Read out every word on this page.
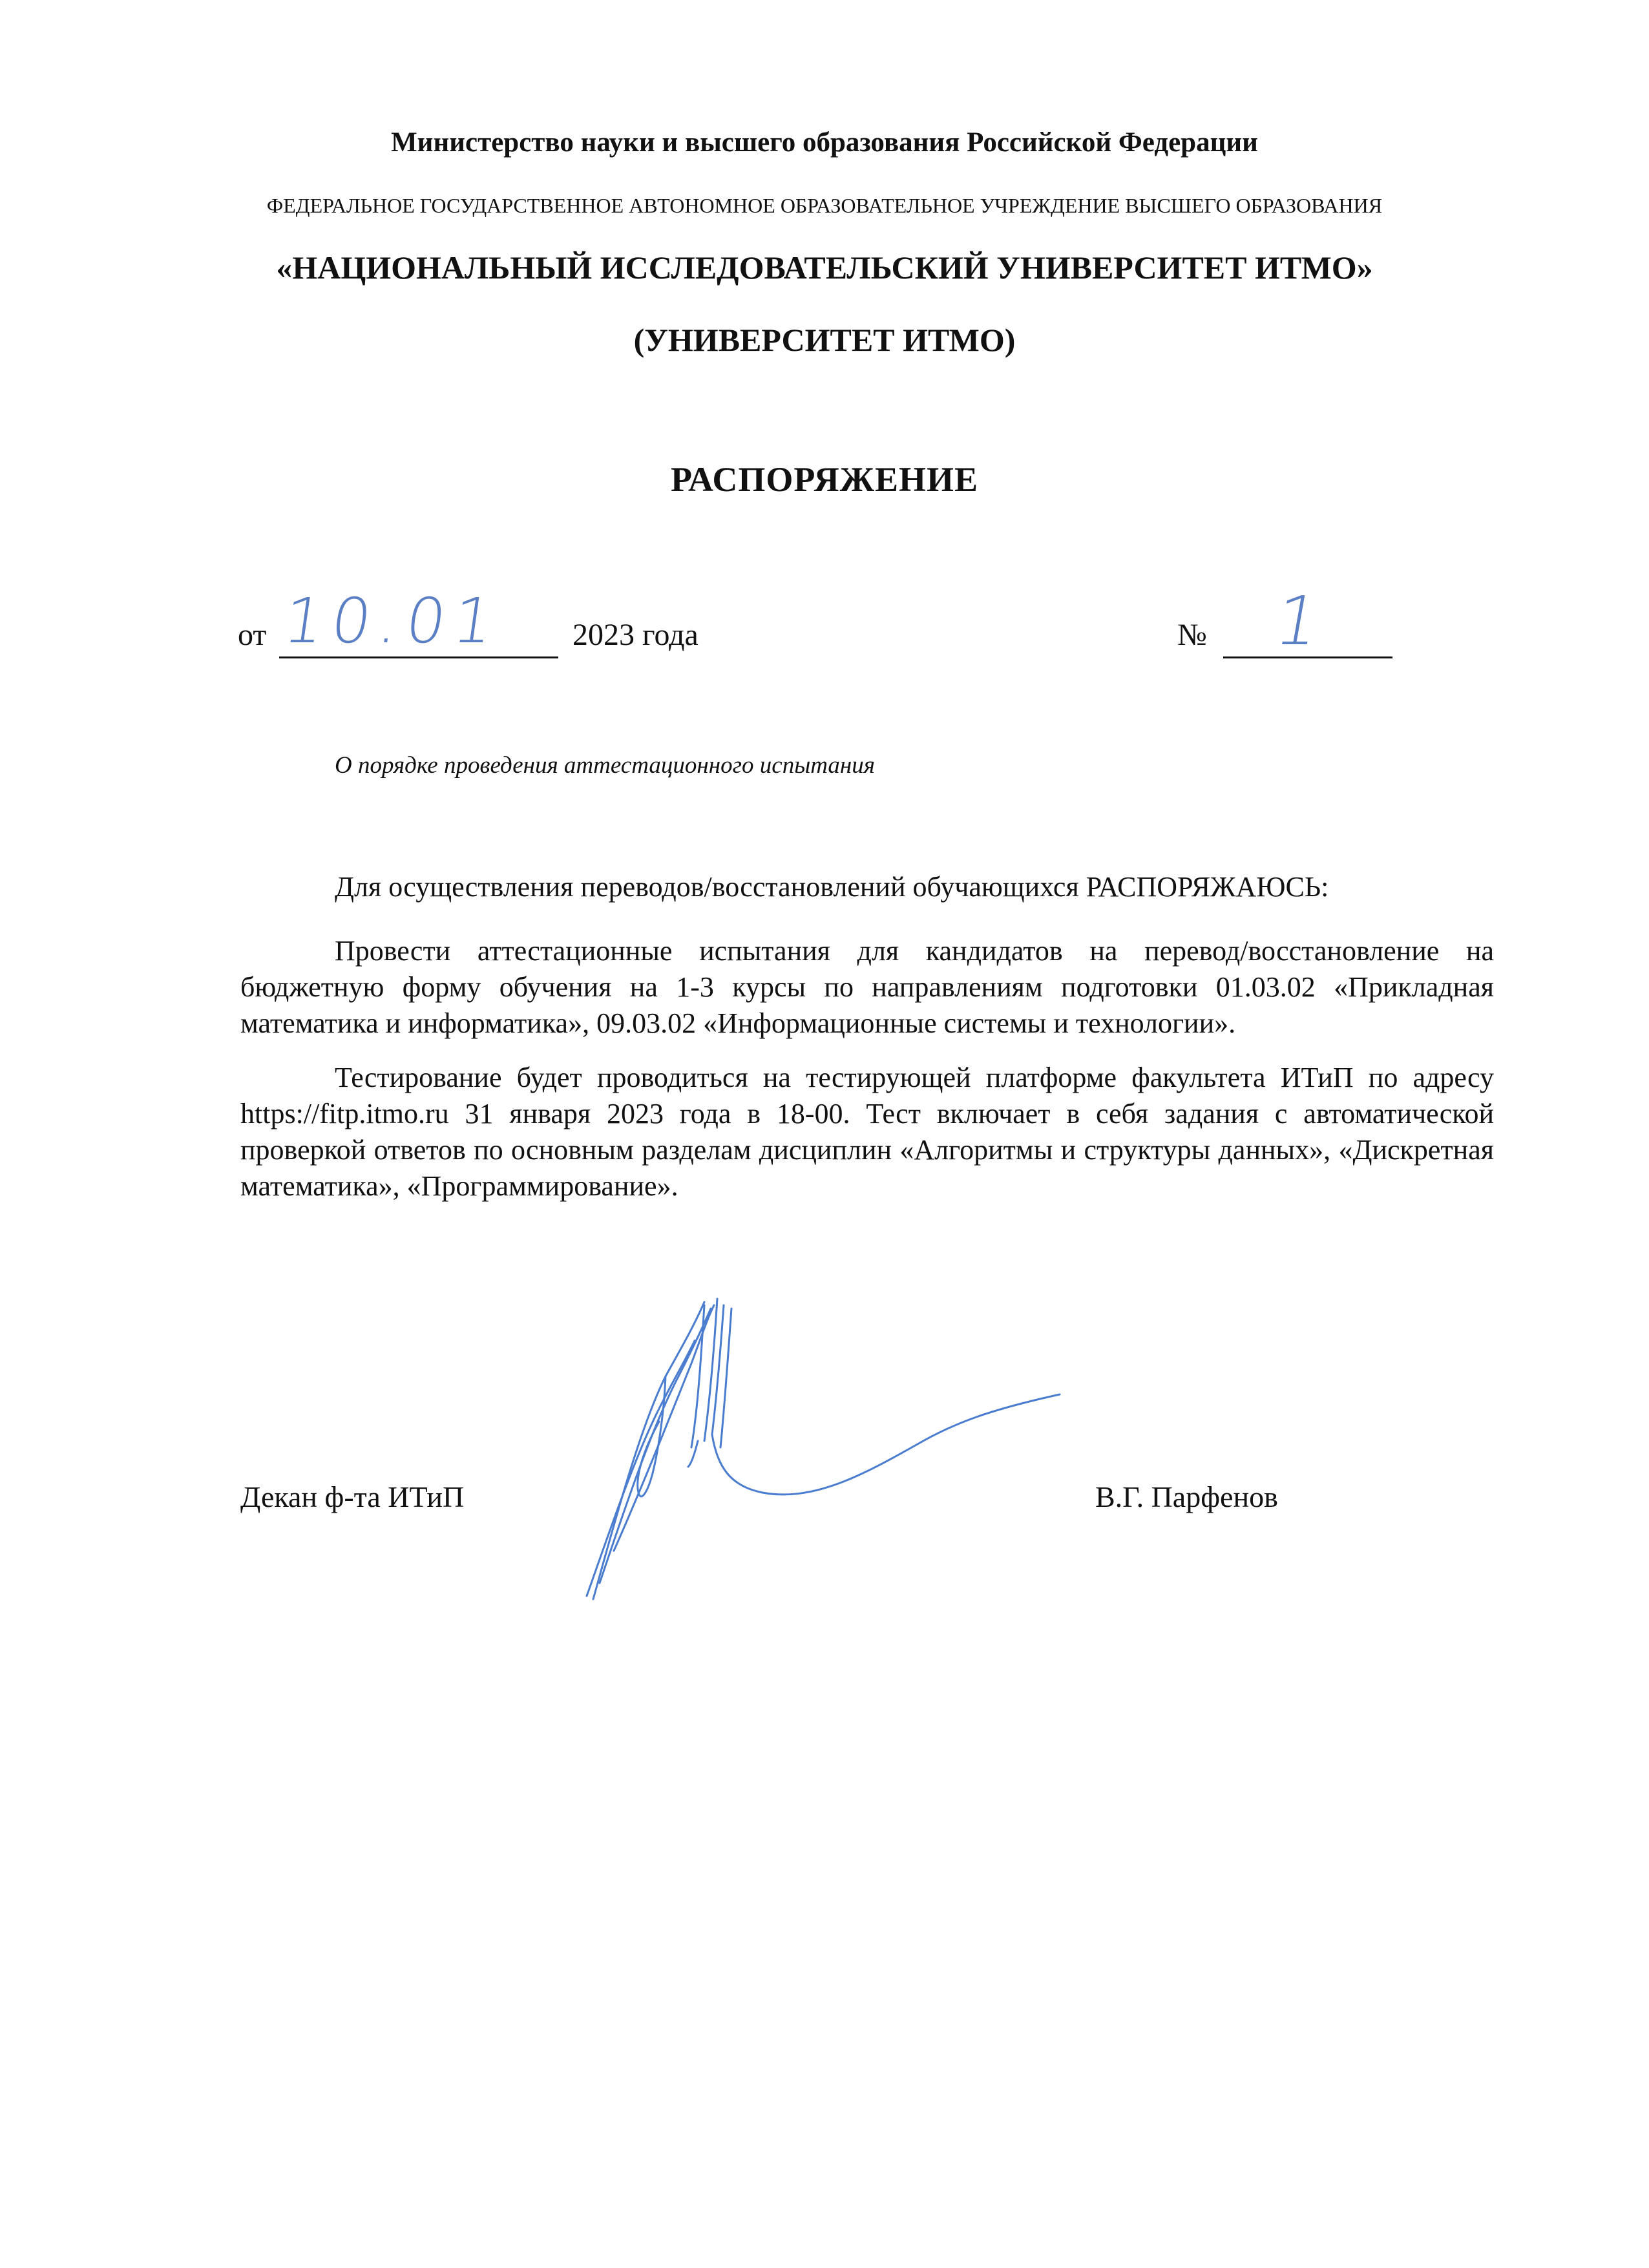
Министерство науки и высшего образования Российской Федерации
ФЕДЕРАЛЬНОЕ ГОСУДАРСТВЕННОЕ АВТОНОМНОЕ ОБРАЗОВАТЕЛЬНОЕ УЧРЕЖДЕНИЕ ВЫСШЕГО ОБРАЗОВАНИЯ
«НАЦИОНАЛЬНЫЙ ИССЛЕДОВАТЕЛЬСКИЙ УНИВЕРСИТЕТ ИТМО»
(УНИВЕРСИТЕТ ИТМО)
РАСПОРЯЖЕНИЕ
от 10.01 2023 года	№ 1
О порядке проведения аттестационного испытания

Для осуществления переводов/восстановлений обучающихся РАСПОРЯЖАЮСЬ:

Провести аттестационные испытания для кандидатов на перевод/восстановление на бюджетную форму обучения на 1-3 курсы по направлениям подготовки 01.03.02 «Прикладная математика и информатика», 09.03.02 «Информационные системы и технологии».

Тестирование будет проводиться на тестирующей платформе факультета ИТиП по адресу https://fitp.itmo.ru 31 января 2023 года в 18-00. Тест включает в себя задания с автоматической проверкой ответов по основным разделам дисциплин «Алгоритмы и структуры данных», «Дискретная математика», «Программирование».

Декан ф-та ИТиП	В.Г. Парфенов
